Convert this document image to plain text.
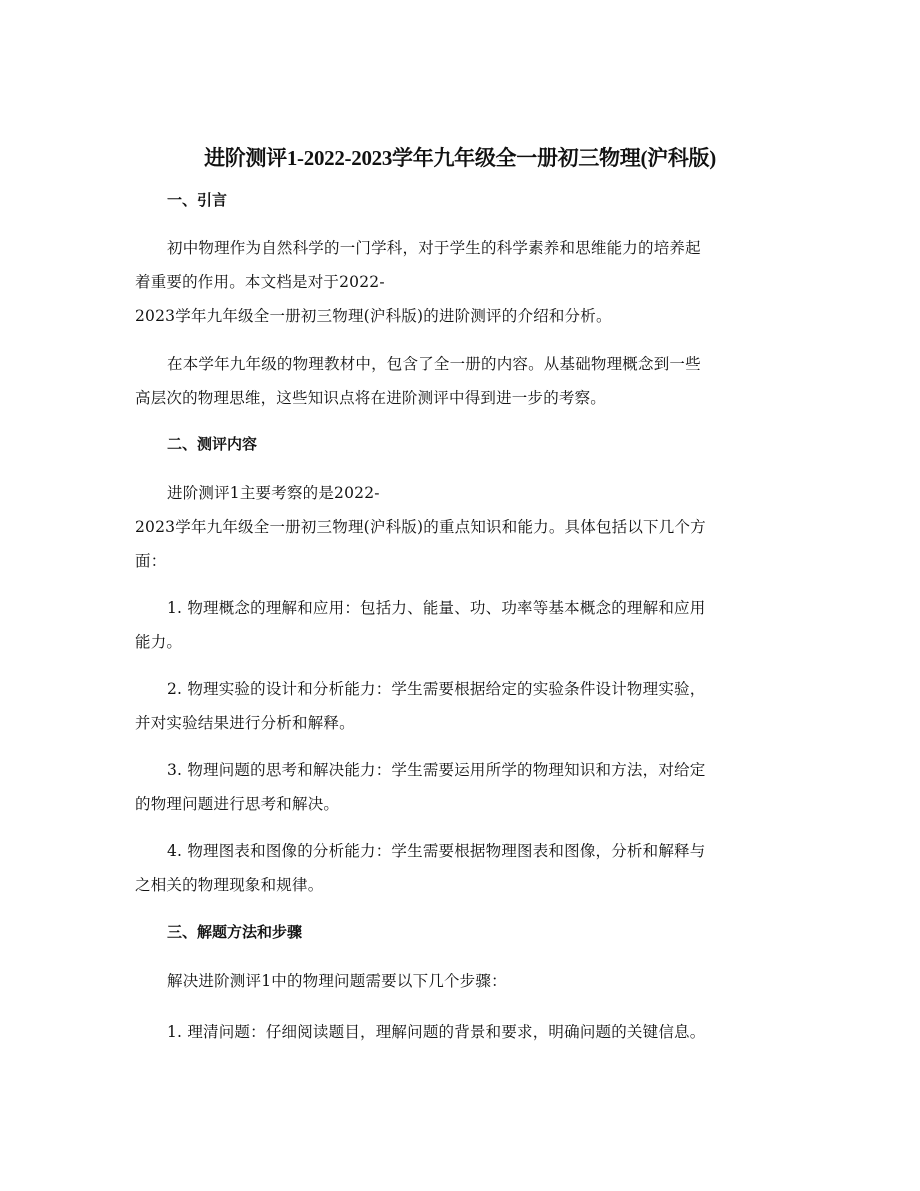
进阶测评1-2022-2023学年九年级全一册初三物理(沪科版)
一、引言
初中物理作为自然科学的一门学科，对于学生的科学素养和思维能力的培养起
着重要的作用。本文档是对于2022-
2023学年九年级全一册初三物理(沪科版)的进阶测评的介绍和分析。
在本学年九年级的物理教材中，包含了全一册的内容。从基础物理概念到一些
高层次的物理思维，这些知识点将在进阶测评中得到进一步的考察。
二、测评内容
进阶测评1主要考察的是2022-
2023学年九年级全一册初三物理(沪科版)的重点知识和能力。具体包括以下几个方
面：
1. 物理概念的理解和应用：包括力、能量、功、功率等基本概念的理解和应用
能力。
2. 物理实验的设计和分析能力：学生需要根据给定的实验条件设计物理实验，
并对实验结果进行分析和解释。
3. 物理问题的思考和解决能力：学生需要运用所学的物理知识和方法，对给定
的物理问题进行思考和解决。
4. 物理图表和图像的分析能力：学生需要根据物理图表和图像，分析和解释与
之相关的物理现象和规律。
三、解题方法和步骤
解决进阶测评1中的物理问题需要以下几个步骤：
1. 理清问题：仔细阅读题目，理解问题的背景和要求，明确问题的关键信息。
